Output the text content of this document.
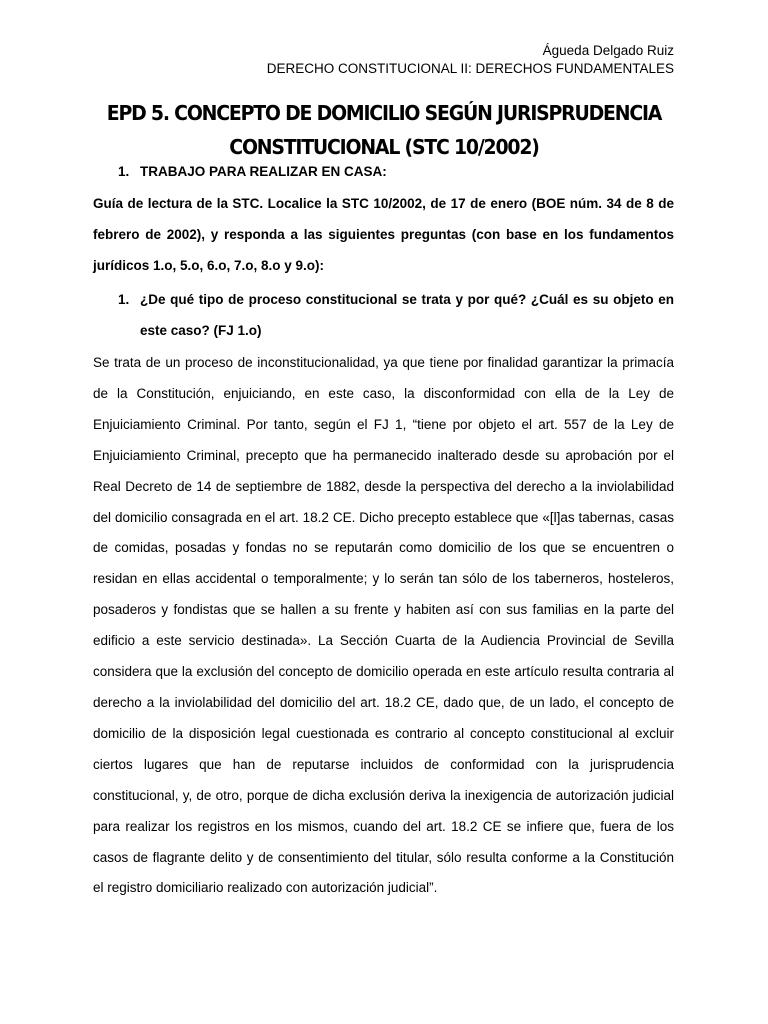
Águeda Delgado Ruiz
DERECHO CONSTITUCIONAL II: DERECHOS FUNDAMENTALES
EPD 5. CONCEPTO DE DOMICILIO SEGÚN JURISPRUDENCIA
CONSTITUCIONAL (STC 10/2002)

1. TRABAJO PARA REALIZAR EN CASA:

Guía de lectura de la STC. Localice la STC 10/2002, de 17 de enero (BOE núm. 34 de 8 de febrero de 2002), y responda a las siguientes preguntas (con base en los fundamentos jurídicos 1.o, 5.o, 6.o, 7.o, 8.o y 9.o):

1. ¿De qué tipo de proceso constitucional se trata y por qué? ¿Cuál es su objeto en este caso? (FJ 1.o)

Se trata de un proceso de inconstitucionalidad, ya que tiene por finalidad garantizar la primacía de la Constitución, enjuiciando, en este caso, la disconformidad con ella de la Ley de Enjuiciamiento Criminal. Por tanto, según el FJ 1, “tiene por objeto el art. 557 de la Ley de Enjuiciamiento Criminal, precepto que ha permanecido inalterado desde su aprobación por el Real Decreto de 14 de septiembre de 1882, desde la perspectiva del derecho a la inviolabilidad del domicilio consagrada en el art. 18.2 CE. Dicho precepto establece que «[l]as tabernas, casas de comidas, posadas y fondas no se reputarán como domicilio de los que se encuentren o residan en ellas accidental o temporalmente; y lo serán tan sólo de los taberneros, hosteleros, posaderos y fondistas que se hallen a su frente y habiten así con sus familias en la parte del edificio a este servicio destinada». La Sección Cuarta de la Audiencia Provincial de Sevilla considera que la exclusión del concepto de domicilio operada en este artículo resulta contraria al derecho a la inviolabilidad del domicilio del art. 18.2 CE, dado que, de un lado, el concepto de domicilio de la disposición legal cuestionada es contrario al concepto constitucional al excluir ciertos lugares que han de reputarse incluidos de conformidad con la jurisprudencia constitucional, y, de otro, porque de dicha exclusión deriva la inexigencia de autorización judicial para realizar los registros en los mismos, cuando del art. 18.2 CE se infiere que, fuera de los casos de flagrante delito y de consentimiento del titular, sólo resulta conforme a la Constitución el registro domiciliario realizado con autorización judicial”.
